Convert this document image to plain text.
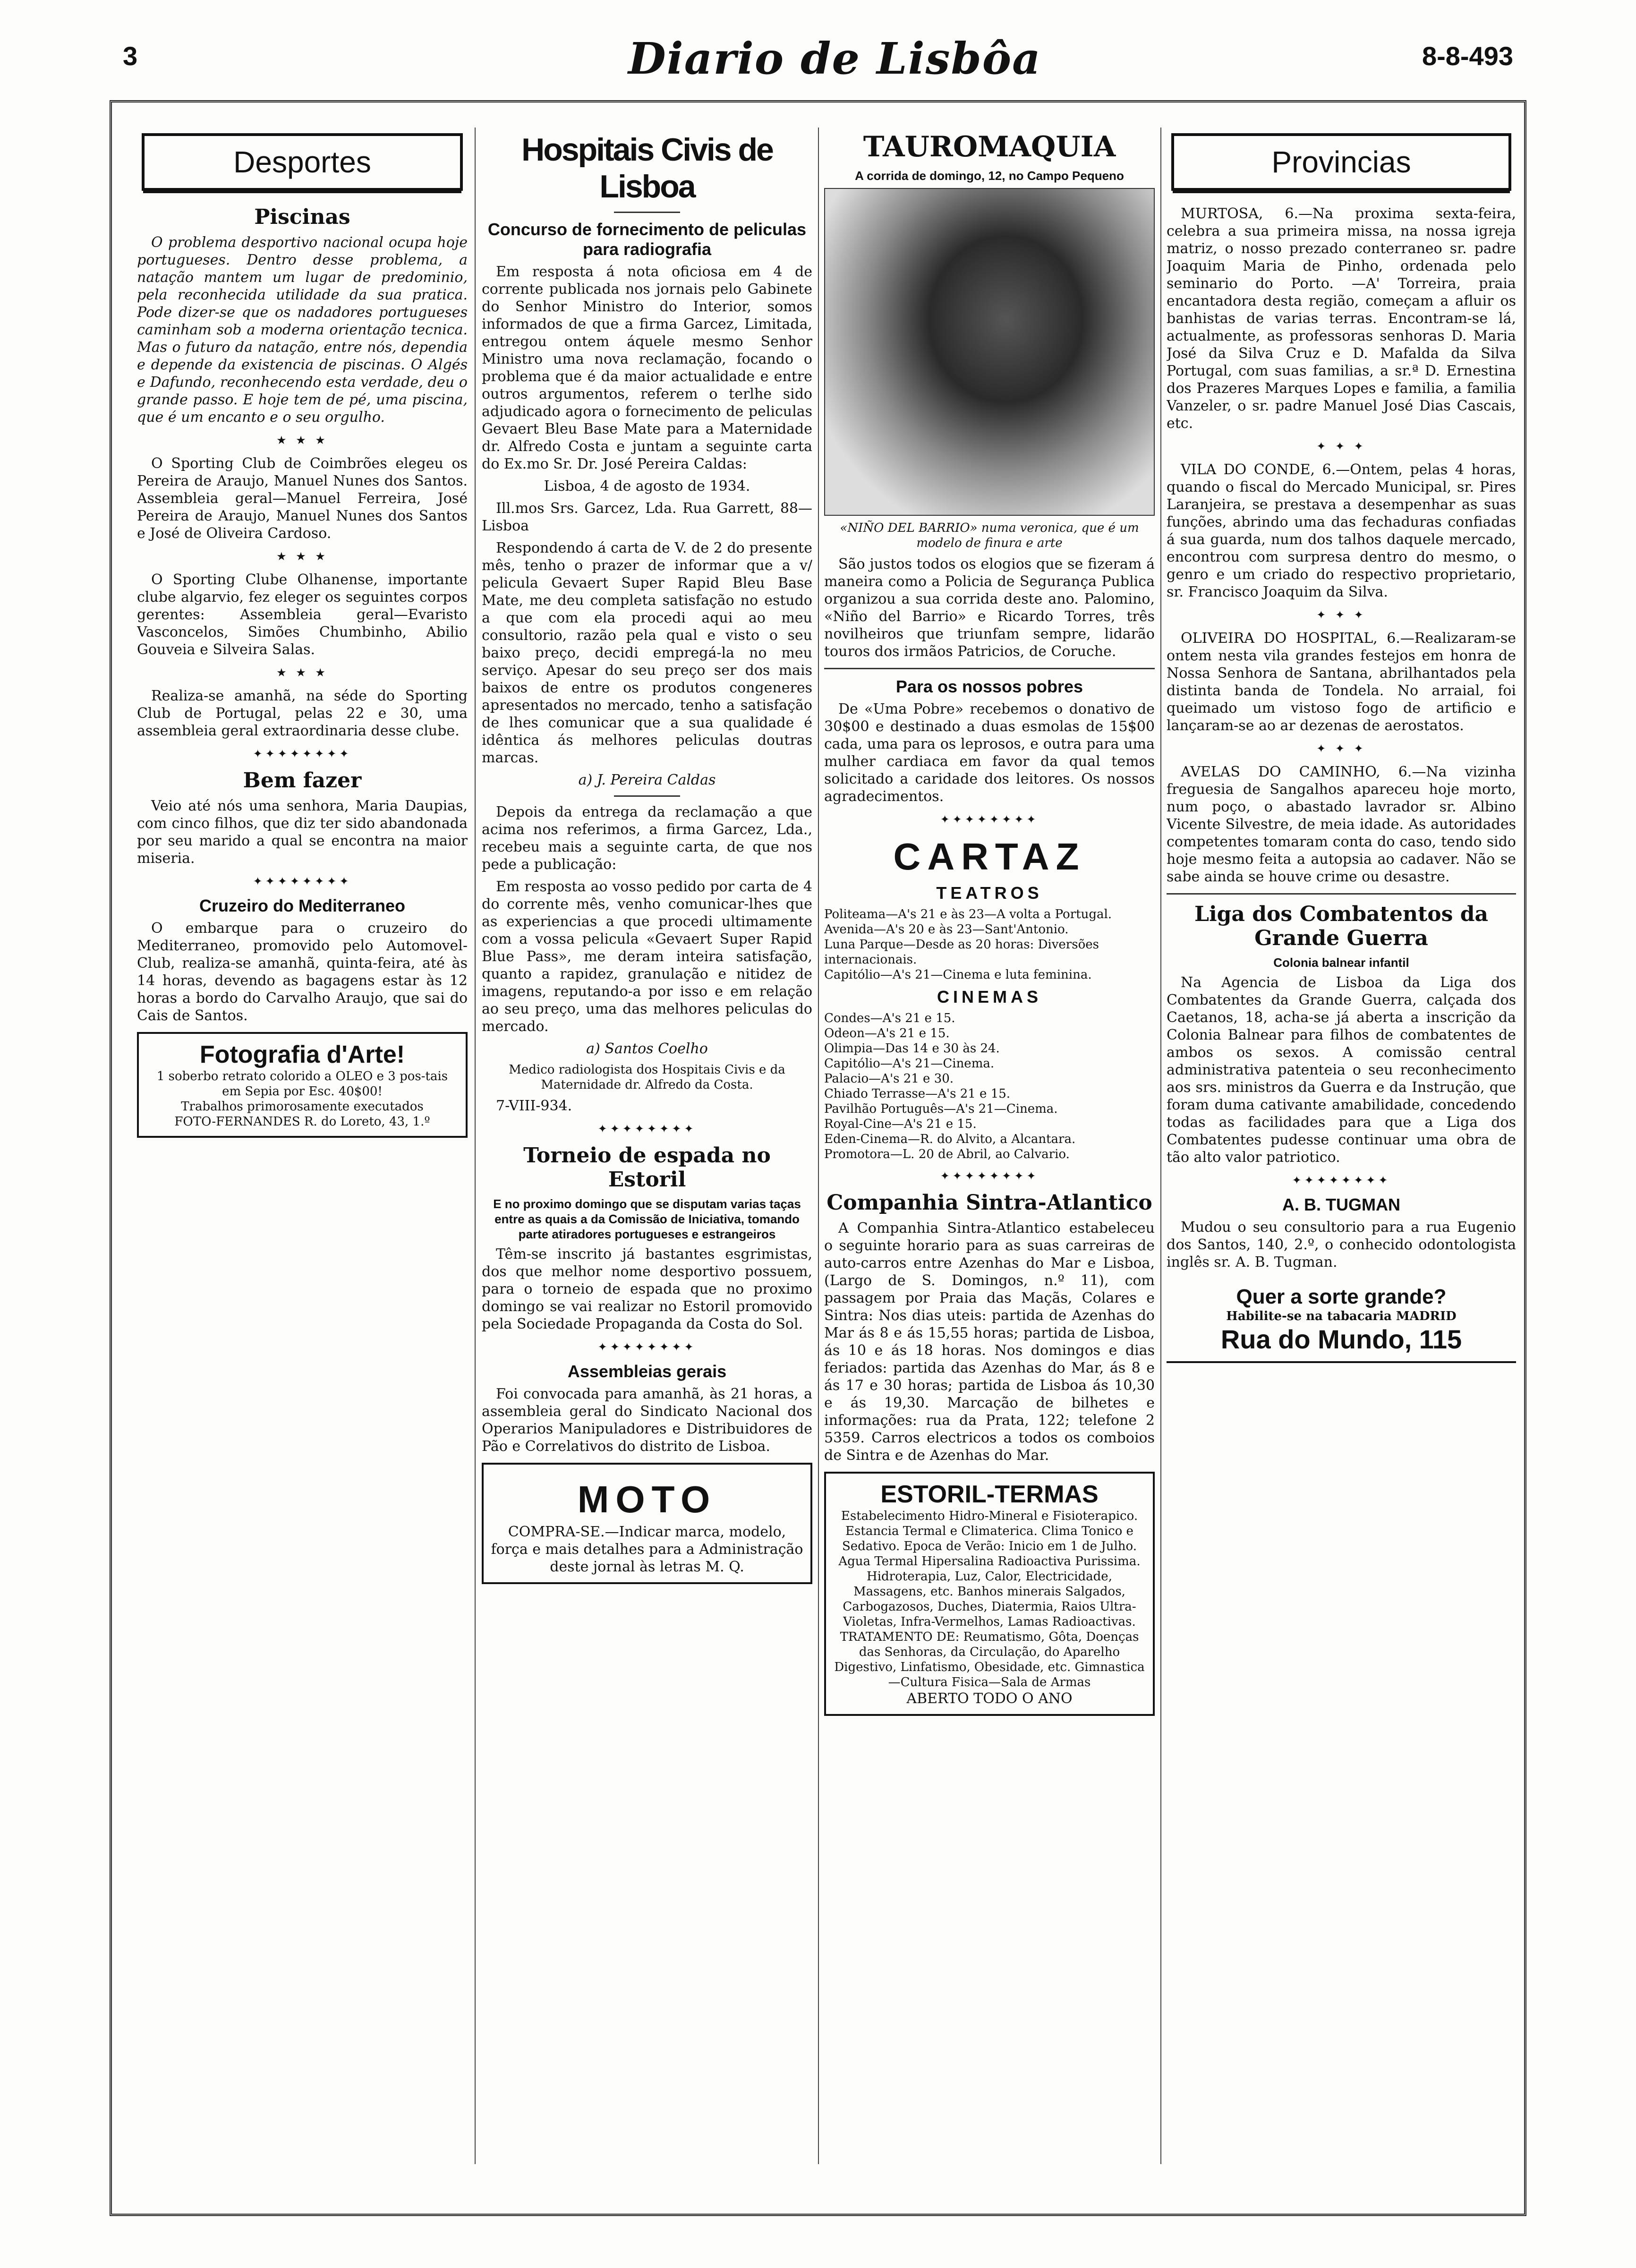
3	Diario de Lisbôa	8-8-493
Desportes
Piscinas

O problema desportivo nacional ocupa hoje portugueses. Dentro desse problema, a natação mantem um lugar de predominio, pela reconhecida utilidade da sua pratica. Pode dizer-se que os nadadores portugueses caminham sob a moderna orientação tecnica. Mas o futuro da natação, entre nós, dependia e depende da existencia de piscinas. O Algés e Dafundo, reconhecendo esta verdade, deu o grande passo. E hoje tem de pé, uma piscina, que é um encanto e o seu orgulho.

★ ★ ★

O Sporting Club de Coimbrões elegeu os Pereira de Araujo, Manuel Nunes dos Santos. Assembleia geral—Manuel Ferreira, José Pereira de Araujo, Manuel Nunes dos Santos e José de Oliveira Cardoso.

★ ★ ★

O Sporting Clube Olhanense, importante clube algarvio, fez eleger os seguintes corpos gerentes: Assembleia geral—Evaristo Vasconcelos, Simões Chumbinho, Abilio Gouveia e Silveira Salas.

★ ★ ★

Realiza-se amanhã, na séde do Sporting Club de Portugal, pelas 22 e 30, uma assembleia geral extraordinaria desse clube.

✦✦✦✦✦✦✦✦
Bem fazer

Veio até nós uma senhora, Maria Daupias, com cinco filhos, que diz ter sido abandonada por seu marido a qual se encontra na maior miseria.

✦✦✦✦✦✦✦✦
Cruzeiro do Mediterraneo

O embarque para o cruzeiro do Mediterraneo, promovido pelo Automovel-Club, realiza-se amanhã, quinta-feira, até às 14 horas, devendo as bagagens estar às 12 horas a bordo do Carvalho Araujo, que sai do Cais de Santos.

Fotografia d'Arte!
1 soberbo retrato colorido a OLEO e 3 pos-tais em Sepia por Esc. 40$00!
Trabalhos primorosamente executados
FOTO-FERNANDES R. do Loreto, 43, 1.º
Hospitais Civis de Lisboa
Concurso de fornecimento de peliculas para radiografia

Em resposta á nota oficiosa em 4 de corrente publicada nos jornais pelo Gabinete do Senhor Ministro do Interior, somos informados de que a firma Garcez, Limitada, entregou ontem áquele mesmo Senhor Ministro uma nova reclamação, focando o problema que é da maior actualidade e entre outros argumentos, referem o terlhe sido adjudicado agora o fornecimento de peliculas Gevaert Bleu Base Mate para a Maternidade dr. Alfredo Costa e juntam a seguinte carta do Ex.mo Sr. Dr. José Pereira Caldas:

Lisboa, 4 de agosto de 1934.

Ill.mos Srs. Garcez, Lda. Rua Garrett, 88—Lisboa

Respondendo á carta de V. de 2 do presente mês, tenho o prazer de informar que a v/ pelicula Gevaert Super Rapid Bleu Base Mate, me deu completa satisfação no estudo a que com ela procedi aqui ao meu consultorio, razão pela qual e visto o seu baixo preço, decidi empregá-la no meu serviço. Apesar do seu preço ser dos mais baixos de entre os produtos congeneres apresentados no mercado, tenho a satisfação de lhes comunicar que a sua qualidade é idêntica ás melhores peliculas doutras marcas.

a) J. Pereira Caldas

Depois da entrega da reclamação a que acima nos referimos, a firma Garcez, Lda., recebeu mais a seguinte carta, de que nos pede a publicação:

Em resposta ao vosso pedido por carta de 4 do corrente mês, venho comunicar-lhes que as experiencias a que procedi ultimamente com a vossa pelicula «Gevaert Super Rapid Blue Pass», me deram inteira satisfação, quanto a rapidez, granulação e nitidez de imagens, reputando-a por isso e em relação ao seu preço, uma das melhores peliculas do mercado.

a) Santos Coelho

Medico radiologista dos Hospitais Civis e da Maternidade dr. Alfredo da Costa.

7-VIII-934.

✦✦✦✦✦✦✦✦
Torneio de espada no Estoril
E no proximo domingo que se disputam varias taças entre as quais a da Comissão de Iniciativa, tomando parte atiradores portugueses e estrangeiros

Têm-se inscrito já bastantes esgrimistas, dos que melhor nome desportivo possuem, para o torneio de espada que no proximo domingo se vai realizar no Estoril promovido pela Sociedade Propaganda da Costa do Sol.

✦✦✦✦✦✦✦✦
Assembleias gerais

Foi convocada para amanhã, às 21 horas, a assembleia geral do Sindicato Nacional dos Operarios Manipuladores e Distribuidores de Pão e Correlativos do distrito de Lisboa.

MOTO
COMPRA-SE.—Indicar marca, modelo, força e mais detalhes para a Administração deste jornal às letras M. Q.
TAUROMAQUIA
A corrida de domingo, 12, no Campo Pequeno

«NIÑO DEL BARRIO» numa veronica, que é um modelo de finura e arte

São justos todos os elogios que se fizeram á maneira como a Policia de Segurança Publica organizou a sua corrida deste ano. Palomino, «Niño del Barrio» e Ricardo Torres, três novilheiros que triunfam sempre, lidarão touros dos irmãos Patricios, de Coruche.

Para os nossos pobres

De «Uma Pobre» recebemos o donativo de 30$00 e destinado a duas esmolas de 15$00 cada, uma para os leprosos, e outra para uma mulher cardiaca em favor da qual temos solicitado a caridade dos leitores. Os nossos agradecimentos.

✦✦✦✦✦✦✦✦
CARTAZ
TEATROS
Politeama—A's 21 e às 23—A volta a Portugal.
Avenida—A's 20 e às 23—Sant'Antonio.
Luna Parque—Desde as 20 horas: Diversões internacionais.
Capitólio—A's 21—Cinema e luta feminina.
CINEMAS
Condes—A's 21 e 15.
Odeon—A's 21 e 15.
Olimpia—Das 14 e 30 às 24.
Capitólio—A's 21—Cinema.
Palacio—A's 21 e 30.
Chiado Terrasse—A's 21 e 15.
Pavilhão Português—A's 21—Cinema.
Royal-Cine—A's 21 e 15.
Eden-Cinema—R. do Alvito, a Alcantara.
Promotora—L. 20 de Abril, ao Calvario.
✦✦✦✦✦✦✦✦
Companhia Sintra-Atlantico

A Companhia Sintra-Atlantico estabeleceu o seguinte horario para as suas carreiras de auto-carros entre Azenhas do Mar e Lisboa, (Largo de S. Domingos, n.º 11), com passagem por Praia das Maçãs, Colares e Sintra: Nos dias uteis: partida de Azenhas do Mar ás 8 e ás 15,55 horas; partida de Lisboa, ás 10 e ás 18 horas. Nos domingos e dias feriados: partida das Azenhas do Mar, ás 8 e ás 17 e 30 horas; partida de Lisboa ás 10,30 e ás 19,30. Marcação de bilhetes e informações: rua da Prata, 122; telefone 2 5359. Carros electricos a todos os comboios de Sintra e de Azenhas do Mar.

ESTORIL-TERMAS
Estabelecimento Hidro-Mineral e Fisioterapico. Estancia Termal e Climaterica. Clima Tonico e Sedativo. Epoca de Verão: Inicio em 1 de Julho. Agua Termal Hipersalina Radioactiva Purissima. Hidroterapia, Luz, Calor, Electricidade, Massagens, etc. Banhos minerais Salgados, Carbogazosos, Duches, Diatermia, Raios Ultra-Violetas, Infra-Vermelhos, Lamas Radioactivas. TRATAMENTO DE: Reumatismo, Gôta, Doenças das Senhoras, da Circulação, do Aparelho Digestivo, Linfatismo, Obesidade, etc. Gimnastica—Cultura Fisica—Sala de Armas
ABERTO TODO O ANO
Provincias

MURTOSA, 6.—Na proxima sexta-feira, celebra a sua primeira missa, na nossa igreja matriz, o nosso prezado conterraneo sr. padre Joaquim Maria de Pinho, ordenada pelo seminario do Porto. —A' Torreira, praia encantadora desta região, começam a afluir os banhistas de varias terras. Encontram-se lá, actualmente, as professoras senhoras D. Maria José da Silva Cruz e D. Mafalda da Silva Portugal, com suas familias, a sr.ª D. Ernestina dos Prazeres Marques Lopes e familia, a familia Vanzeler, o sr. padre Manuel José Dias Cascais, etc.

✦ ✦ ✦

VILA DO CONDE, 6.—Ontem, pelas 4 horas, quando o fiscal do Mercado Municipal, sr. Pires Laranjeira, se prestava a desempenhar as suas funções, abrindo uma das fechaduras confiadas á sua guarda, num dos talhos daquele mercado, encontrou com surpresa dentro do mesmo, o genro e um criado do respectivo proprietario, sr. Francisco Joaquim da Silva.

✦ ✦ ✦

OLIVEIRA DO HOSPITAL, 6.—Realizaram-se ontem nesta vila grandes festejos em honra de Nossa Senhora de Santana, abrilhantados pela distinta banda de Tondela. No arraial, foi queimado um vistoso fogo de artificio e lançaram-se ao ar dezenas de aerostatos.

✦ ✦ ✦

AVELAS DO CAMINHO, 6.—Na vizinha freguesia de Sangalhos apareceu hoje morto, num poço, o abastado lavrador sr. Albino Vicente Silvestre, de meia idade. As autoridades competentes tomaram conta do caso, tendo sido hoje mesmo feita a autopsia ao cadaver. Não se sabe ainda se houve crime ou desastre.

Liga dos Combatentos da Grande Guerra
Colonia balnear infantil

Na Agencia de Lisboa da Liga dos Combatentes da Grande Guerra, calçada dos Caetanos, 18, acha-se já aberta a inscrição da Colonia Balnear para filhos de combatentes de ambos os sexos. A comissão central administrativa patenteia o seu reconhecimento aos srs. ministros da Guerra e da Instrução, que foram duma cativante amabilidade, concedendo todas as facilidades para que a Liga dos Combatentes pudesse continuar uma obra de tão alto valor patriotico.

✦✦✦✦✦✦✦✦
A. B. TUGMAN

Mudou o seu consultorio para a rua Eugenio dos Santos, 140, 2.º, o conhecido odontologista inglês sr. A. B. Tugman.

Quer a sorte grande?
Habilite-se na tabacaria MADRID
Rua do Mundo, 115
